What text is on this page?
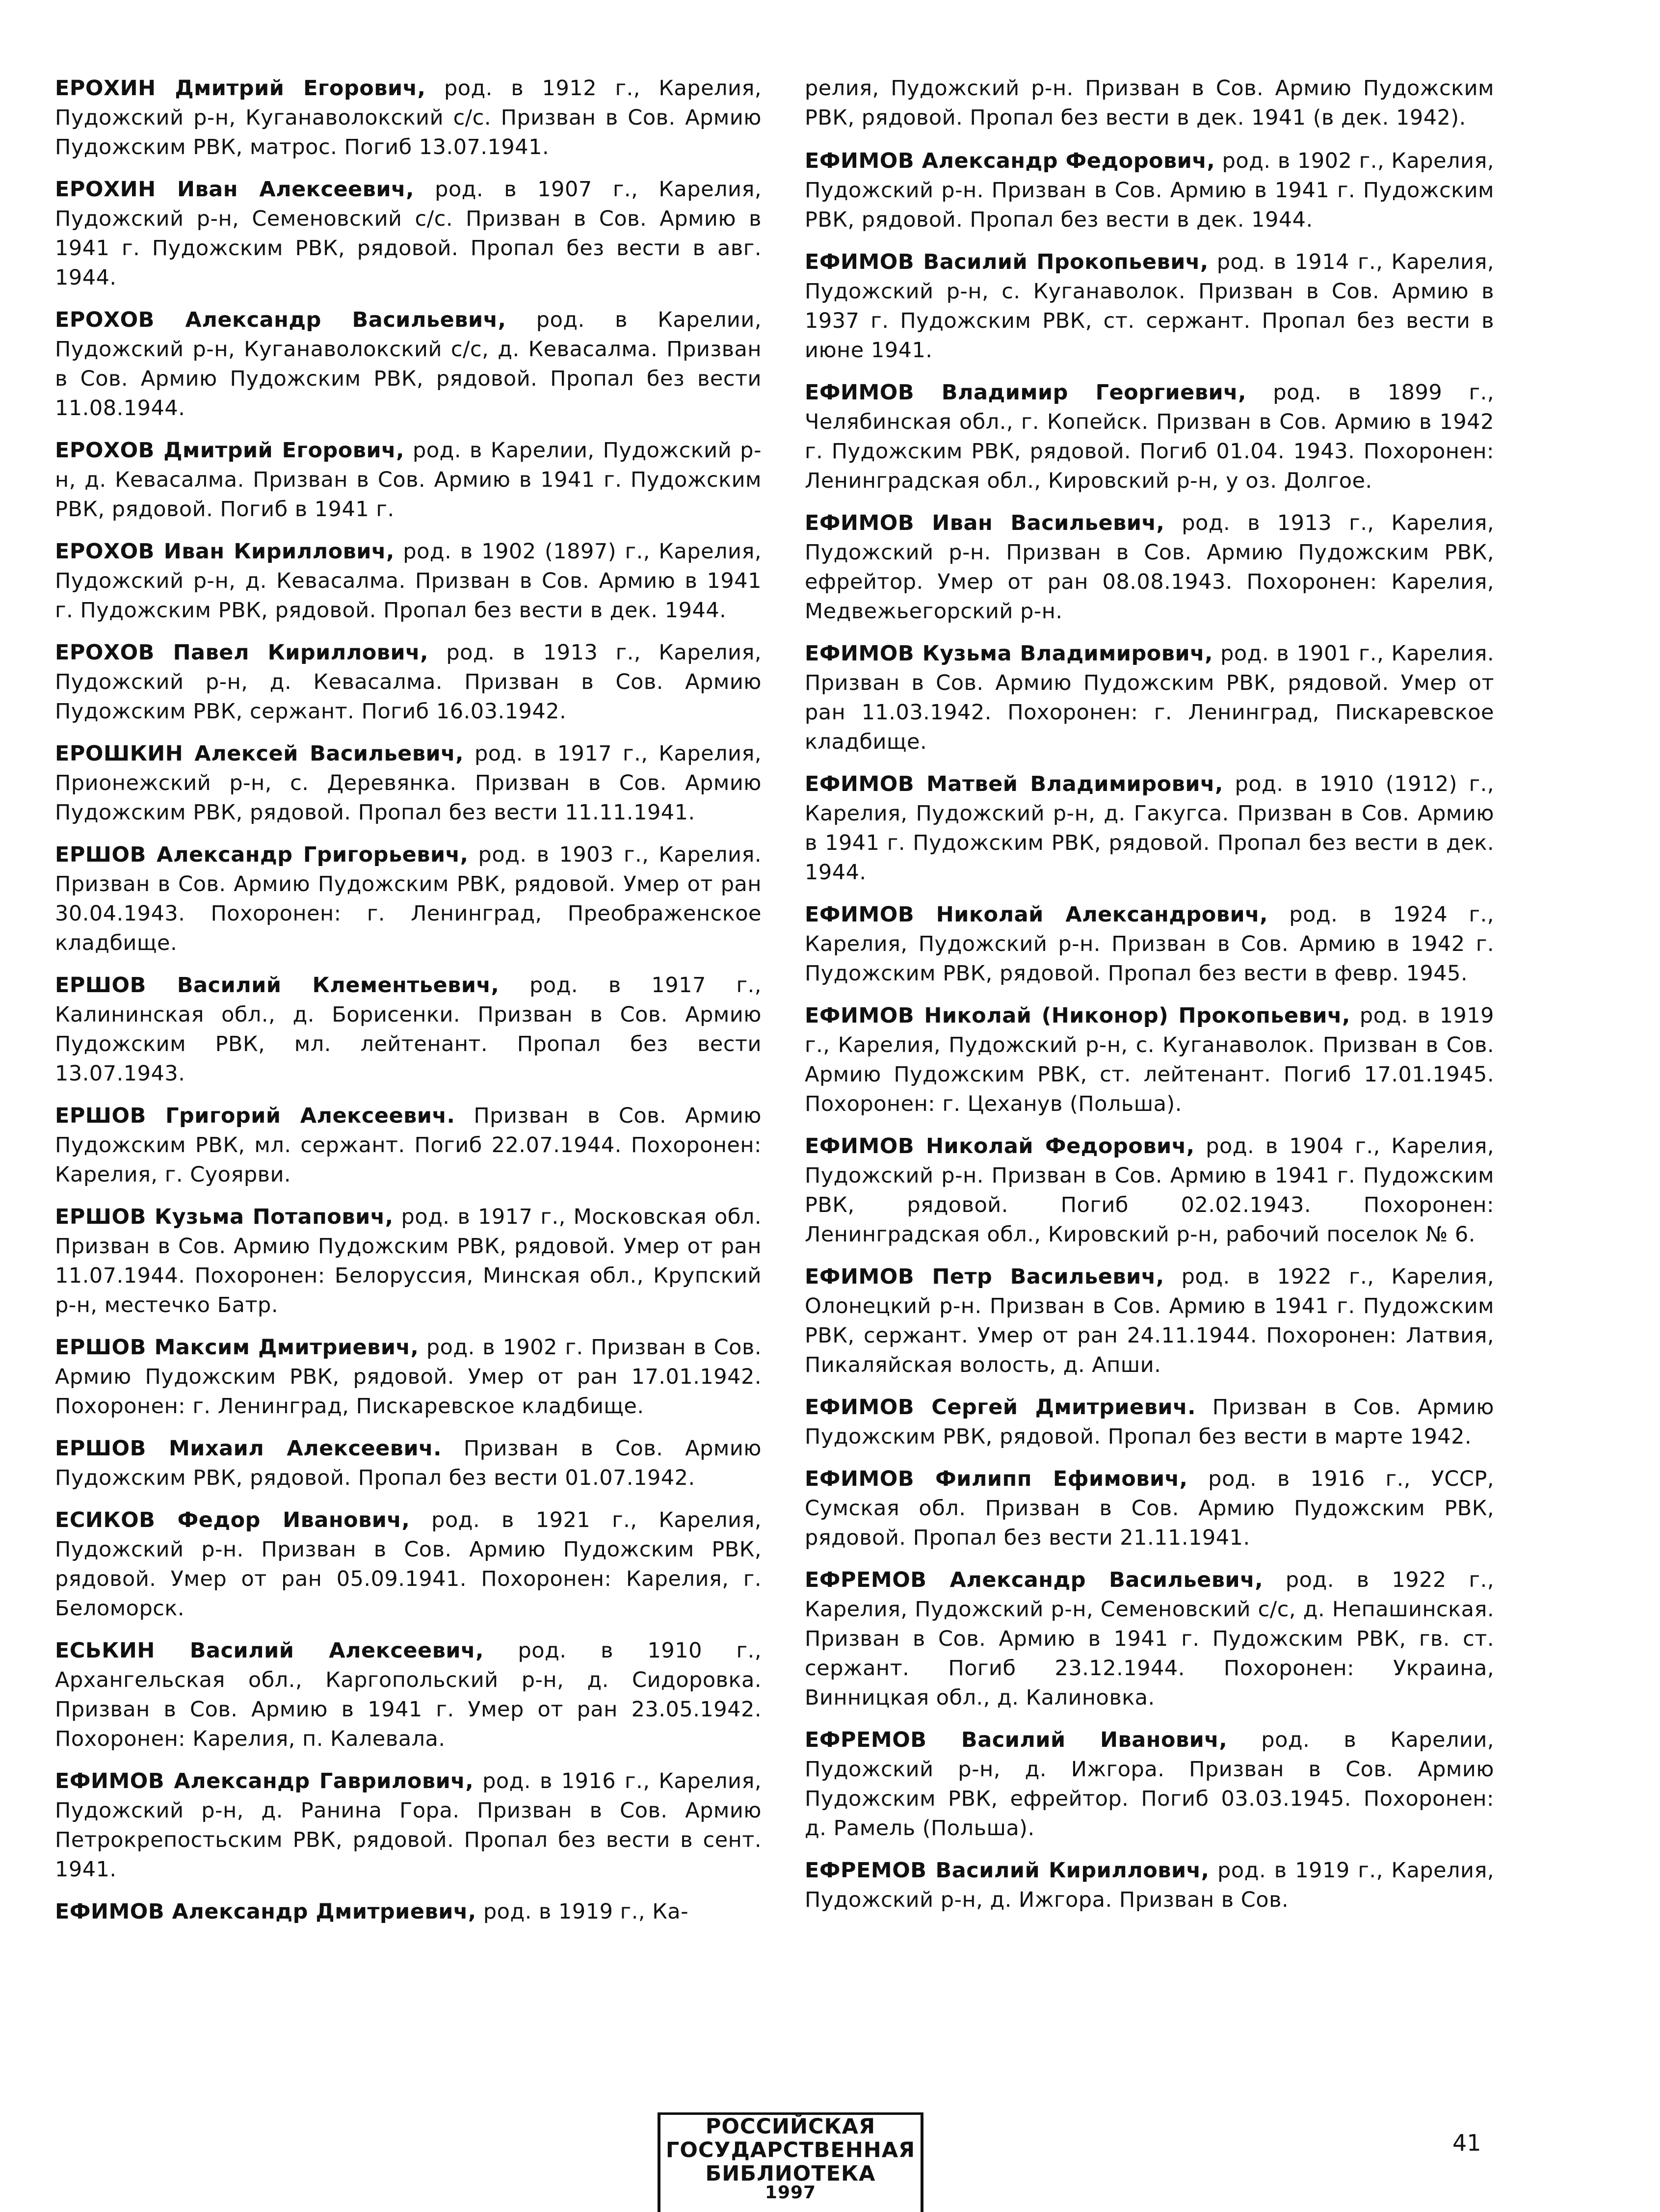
ЕРОХИН Дмитрий Егорович, род. в 1912 г., Карелия, Пудожский р-н, Куганаволокский с/с. Призван в Сов. Армию Пудожским РВК, матрос. Погиб 13.07.1941.

ЕРОХИН Иван Алексеевич, род. в 1907 г., Карелия, Пудожский р-н, Семеновский с/с. Призван в Сов. Армию в 1941 г. Пудожским РВК, рядовой. Пропал без вести в авг. 1944.

ЕРОХОВ Александр Васильевич, род. в Карелии, Пудожский р-н, Куганаволокский с/с, д. Кевасалма. Призван в Сов. Армию Пудожским РВК, рядовой. Пропал без вести 11.08.1944.

ЕРОХОВ Дмитрий Егорович, род. в Карелии, Пудожский р-н, д. Кевасалма. Призван в Сов. Армию в 1941 г. Пудожским РВК, рядовой. Погиб в 1941 г.

ЕРОХОВ Иван Кириллович, род. в 1902 (1897) г., Карелия, Пудожский р-н, д. Кевасалма. Призван в Сов. Армию в 1941 г. Пудожским РВК, рядовой. Пропал без вести в дек. 1944.

ЕРОХОВ Павел Кириллович, род. в 1913 г., Карелия, Пудожский р-н, д. Кевасалма. Призван в Сов. Армию Пудожским РВК, сержант. Погиб 16.03.1942.

ЕРОШКИН Алексей Васильевич, род. в 1917 г., Карелия, Прионежский р-н, с. Деревянка. Призван в Сов. Армию Пудожским РВК, рядовой. Пропал без вести 11.11.1941.

ЕРШОВ Александр Григорьевич, род. в 1903 г., Карелия. Призван в Сов. Армию Пудожским РВК, рядовой. Умер от ран 30.04.1943. Похоронен: г. Ленинград, Преображенское кладбище.

ЕРШОВ Василий Клементьевич, род. в 1917 г., Калининская обл., д. Борисенки. Призван в Сов. Армию Пудожским РВК, мл. лейтенант. Пропал без вести 13.07.1943.

ЕРШОВ Григорий Алексеевич. Призван в Сов. Армию Пудожским РВК, мл. сержант. Погиб 22.07.1944. Похоронен: Карелия, г. Суоярви.

ЕРШОВ Кузьма Потапович, род. в 1917 г., Московская обл. Призван в Сов. Армию Пудожским РВК, рядовой. Умер от ран 11.07.1944. Похоронен: Белоруссия, Минская обл., Крупский р-н, местечко Батр.

ЕРШОВ Максим Дмитриевич, род. в 1902 г. Призван в Сов. Армию Пудожским РВК, рядовой. Умер от ран 17.01.1942. Похоронен: г. Ленинград, Пискаревское кладбище.

ЕРШОВ Михаил Алексеевич. Призван в Сов. Армию Пудожским РВК, рядовой. Пропал без вести 01.07.1942.

ЕСИКОВ Федор Иванович, род. в 1921 г., Карелия, Пудожский р-н. Призван в Сов. Армию Пудожским РВК, рядовой. Умер от ран 05.09.1941. Похоронен: Карелия, г. Беломорск.

ЕСЬКИН Василий Алексеевич, род. в 1910 г., Архангельская обл., Каргопольский р-н, д. Сидоровка. Призван в Сов. Армию в 1941 г. Умер от ран 23.05.1942. Похоронен: Карелия, п. Калевала.

ЕФИМОВ Александр Гаврилович, род. в 1916 г., Карелия, Пудожский р-н, д. Ранина Гора. Призван в Сов. Армию Петрокрепостьским РВК, рядовой. Пропал без вести в сент. 1941.

ЕФИМОВ Александр Дмитриевич, род. в 1919 г., Ка-

релия, Пудожский р-н. Призван в Сов. Армию Пудожским РВК, рядовой. Пропал без вести в дек. 1941 (в дек. 1942).

ЕФИМОВ Александр Федорович, род. в 1902 г., Карелия, Пудожский р-н. Призван в Сов. Армию в 1941 г. Пудожским РВК, рядовой. Пропал без вести в дек. 1944.

ЕФИМОВ Василий Прокопьевич, род. в 1914 г., Карелия, Пудожский р-н, с. Куганаволок. Призван в Сов. Армию в 1937 г. Пудожским РВК, ст. сержант. Пропал без вести в июне 1941.

ЕФИМОВ Владимир Георгиевич, род. в 1899 г., Челябинская обл., г. Копейск. Призван в Сов. Армию в 1942 г. Пудожским РВК, рядовой. Погиб 01.04. 1943. Похоронен: Ленинградская обл., Кировский р-н, у оз. Долгое.

ЕФИМОВ Иван Васильевич, род. в 1913 г., Карелия, Пудожский р-н. Призван в Сов. Армию Пудожским РВК, ефрейтор. Умер от ран 08.08.1943. Похоронен: Карелия, Медвежьегорский р-н.

ЕФИМОВ Кузьма Владимирович, род. в 1901 г., Карелия. Призван в Сов. Армию Пудожским РВК, рядовой. Умер от ран 11.03.1942. Похоронен: г. Ленинград, Пискаревское кладбище.

ЕФИМОВ Матвей Владимирович, род. в 1910 (1912) г., Карелия, Пудожский р-н, д. Гакугса. Призван в Сов. Армию в 1941 г. Пудожским РВК, рядовой. Пропал без вести в дек. 1944.

ЕФИМОВ Николай Александрович, род. в 1924 г., Карелия, Пудожский р-н. Призван в Сов. Армию в 1942 г. Пудожским РВК, рядовой. Пропал без вести в февр. 1945.

ЕФИМОВ Николай (Никонор) Прокопьевич, род. в 1919 г., Карелия, Пудожский р-н, с. Куганаволок. Призван в Сов. Армию Пудожским РВК, ст. лейтенант. Погиб 17.01.1945. Похоронен: г. Цеханув (Польша).

ЕФИМОВ Николай Федорович, род. в 1904 г., Карелия, Пудожский р-н. Призван в Сов. Армию в 1941 г. Пудожским РВК, рядовой. Погиб 02.02.1943. Похоронен: Ленинградская обл., Кировский р-н, рабочий поселок № 6.

ЕФИМОВ Петр Васильевич, род. в 1922 г., Карелия, Олонецкий р-н. Призван в Сов. Армию в 1941 г. Пудожским РВК, сержант. Умер от ран 24.11.1944. Похоронен: Латвия, Пикаляйская волость, д. Апши.

ЕФИМОВ Сергей Дмитриевич. Призван в Сов. Армию Пудожским РВК, рядовой. Пропал без вести в марте 1942.

ЕФИМОВ Филипп Ефимович, род. в 1916 г., УССР, Сумская обл. Призван в Сов. Армию Пудожским РВК, рядовой. Пропал без вести 21.11.1941.

ЕФРЕМОВ Александр Васильевич, род. в 1922 г., Карелия, Пудожский р-н, Семеновский с/с, д. Непашинская. Призван в Сов. Армию в 1941 г. Пудожским РВК, гв. ст. сержант. Погиб 23.12.1944. Похоронен: Украина, Винницкая обл., д. Калиновка.

ЕФРЕМОВ Василий Иванович, род. в Карелии, Пудожский р-н, д. Ижгора. Призван в Сов. Армию Пудожским РВК, ефрейтор. Погиб 03.03.1945. Похоронен: д. Рамель (Польша).

ЕФРЕМОВ Василий Кириллович, род. в 1919 г., Карелия, Пудожский р-н, д. Ижгора. Призван в Сов.

РОССИЙСКАЯ
ГОСУДАРСТВЕННАЯ
БИБЛИОТЕКА
1997
41
